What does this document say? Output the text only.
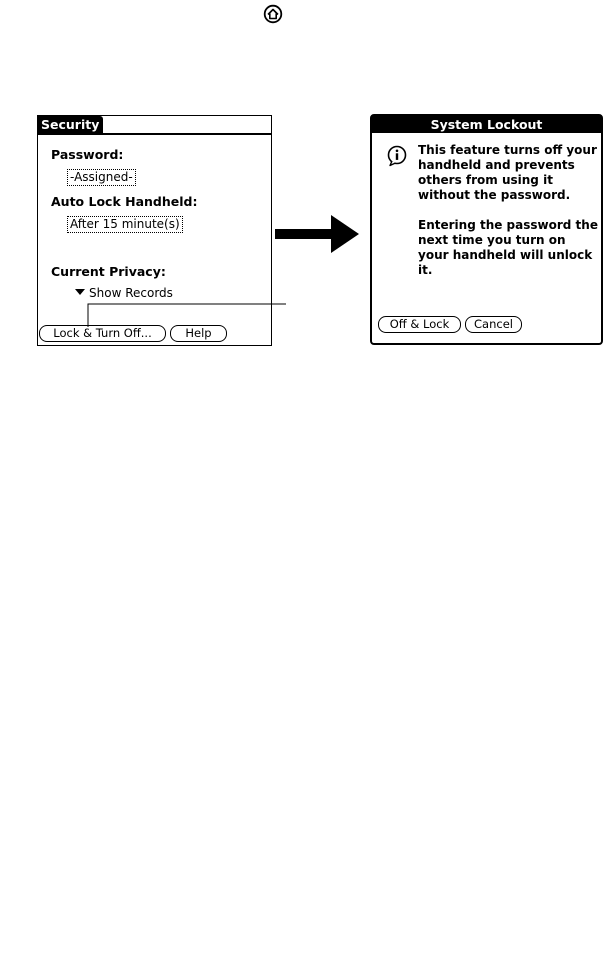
Security
Password:
-Assigned-
Auto Lock Handheld:
After 15 minute(s)
Current Privacy:
Show Records
Lock & Turn Off...	Help
System Lockout

This feature turns off your handheld and prevents others from using it without the password.

Entering the password the next time you turn on your handheld will unlock it.

Off & Lock	Cancel
